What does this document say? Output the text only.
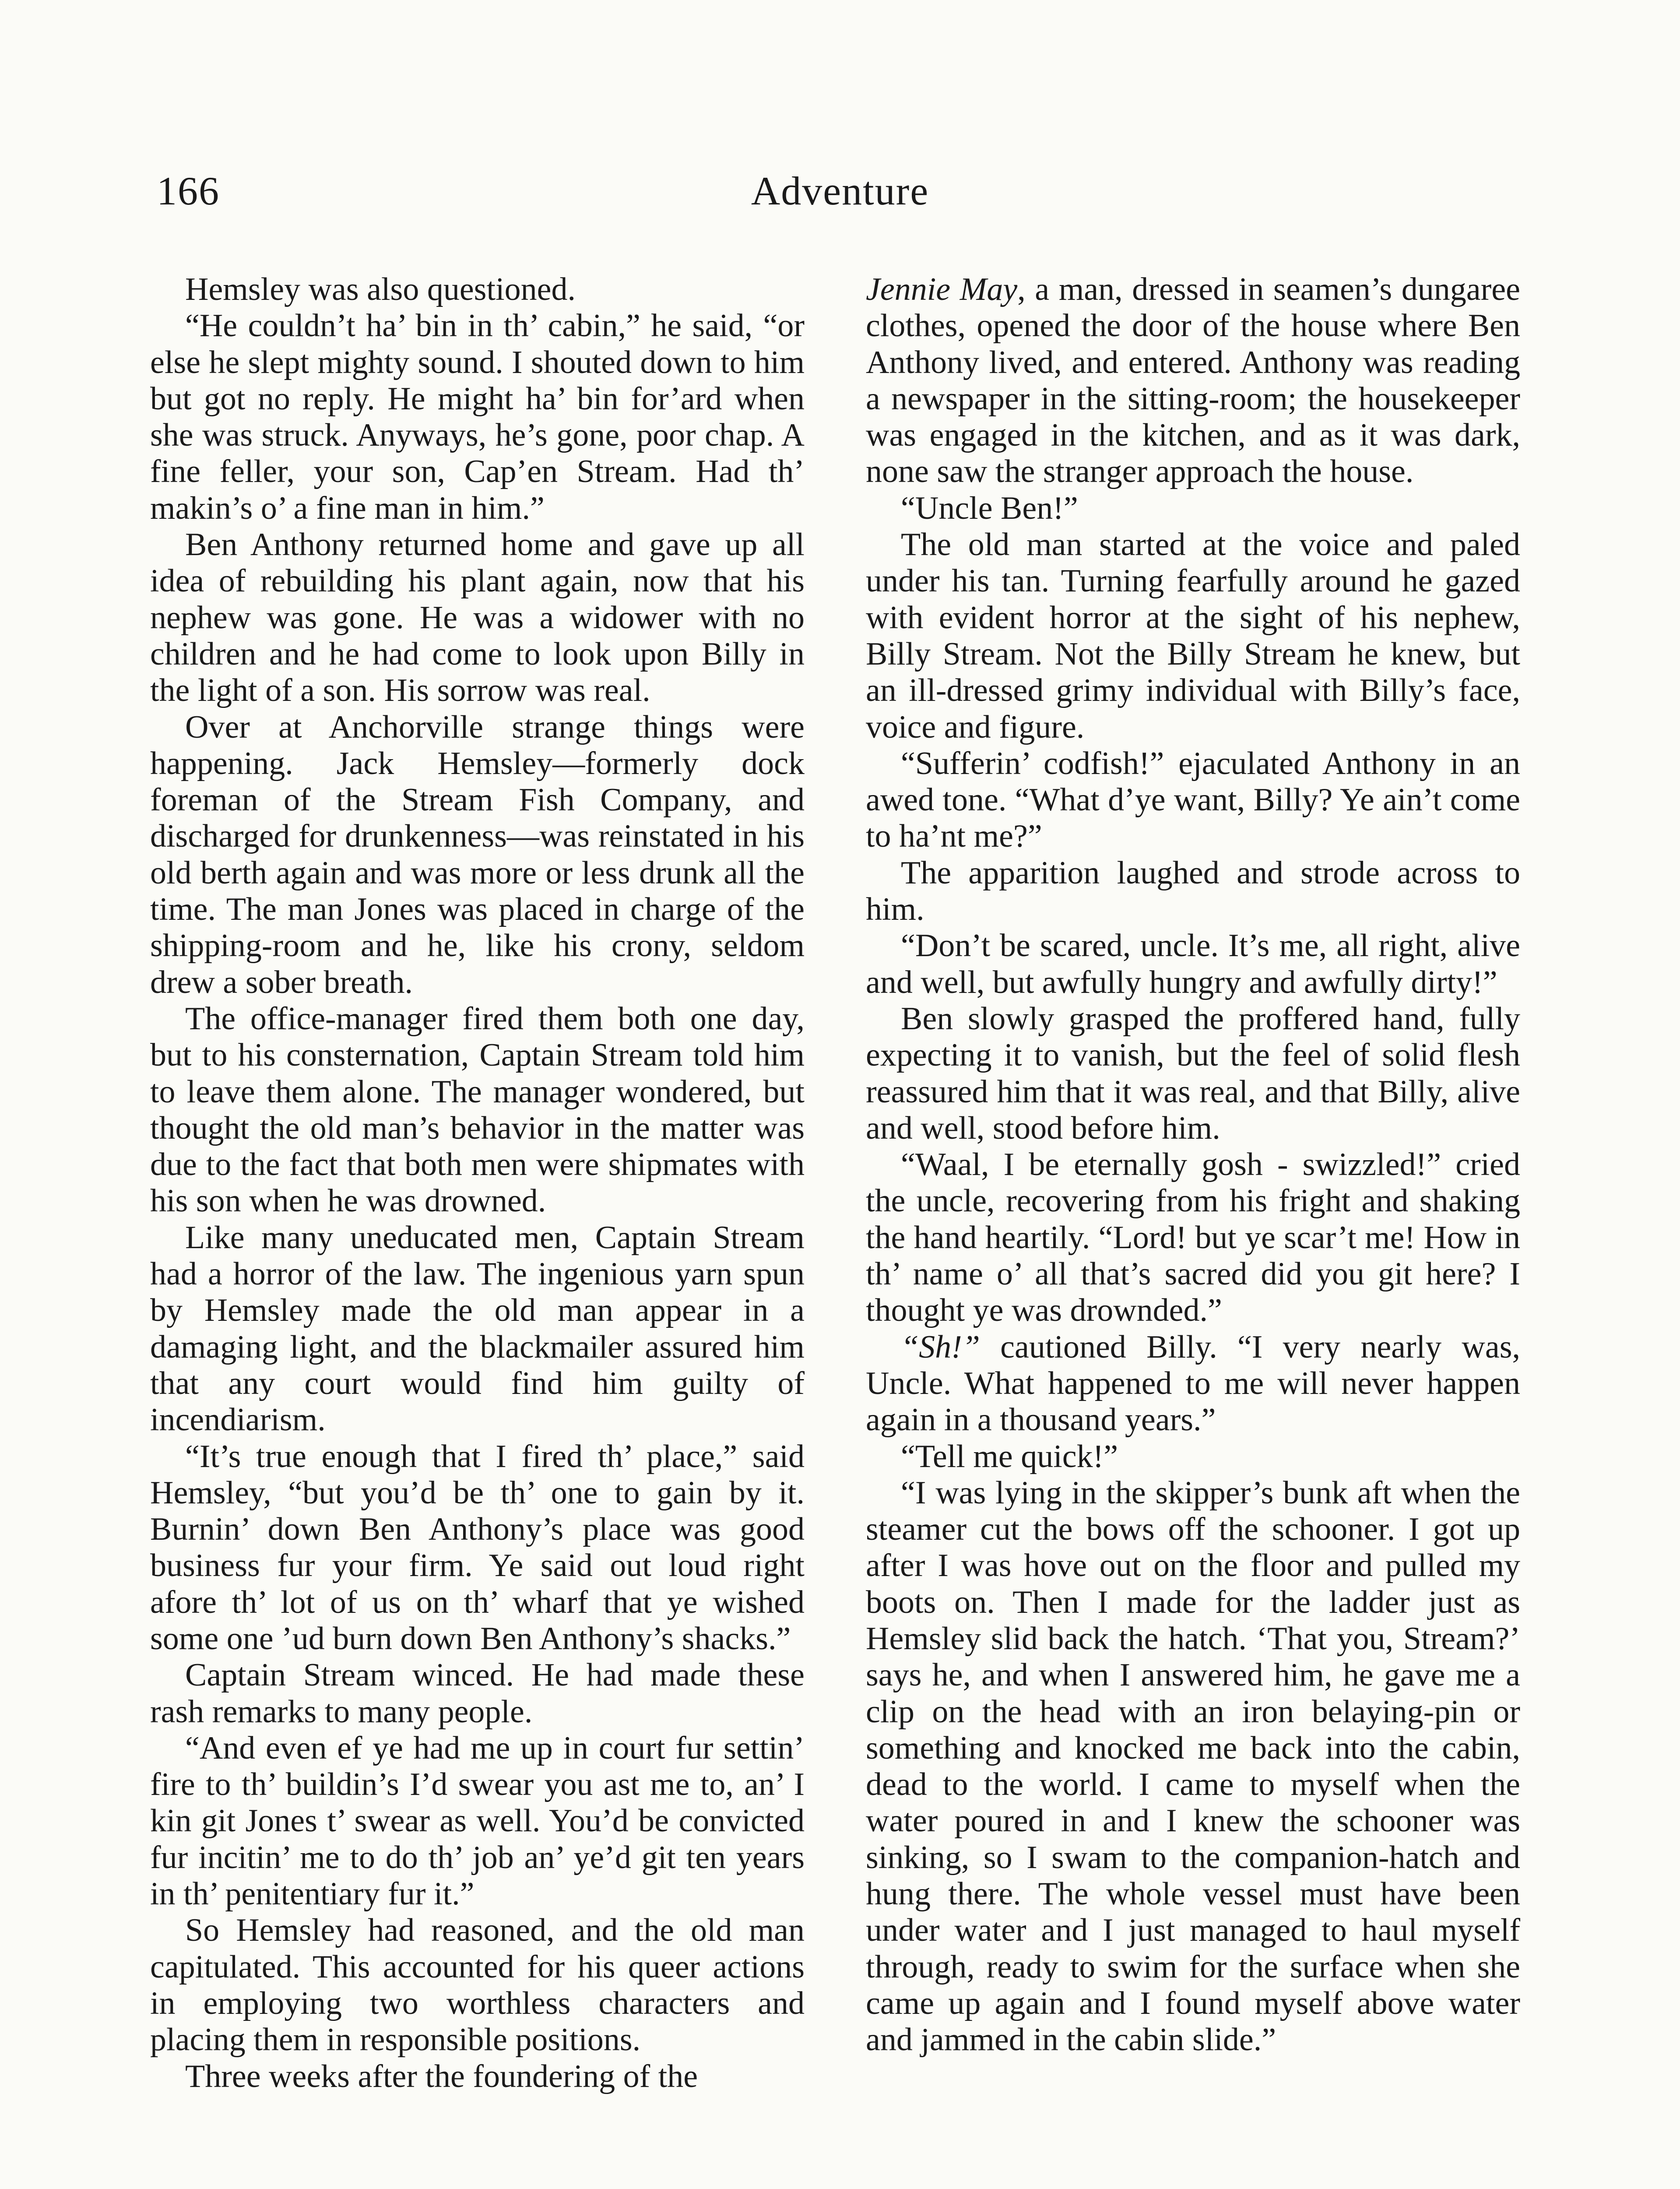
166	Adventure

Hemsley was also questioned.

“He couldn’t ha’ bin in th’ cabin,” he said, “or else he slept mighty sound. I shouted down to him but got no reply. He might ha’ bin for’ard when she was struck. Anyways, he’s gone, poor chap. A fine feller, your son, Cap’en Stream. Had th’ makin’s o’ a fine man in him.”

Ben Anthony returned home and gave up all idea of rebuilding his plant again, now that his nephew was gone. He was a widower with no children and he had come to look upon Billy in the light of a son. His sorrow was real.

Over at Anchorville strange things were happening. Jack Hemsley—formerly dock foreman of the Stream Fish Company, and discharged for drunkenness—was reinstated in his old berth again and was more or less drunk all the time. The man Jones was placed in charge of the shipping-room and he, like his crony, seldom drew a sober breath.

The office-manager fired them both one day, but to his consternation, Captain Stream told him to leave them alone. The manager wondered, but thought the old man’s behavior in the matter was due to the fact that both men were shipmates with his son when he was drowned.

Like many uneducated men, Captain Stream had a horror of the law. The ingenious yarn spun by Hemsley made the old man appear in a damaging light, and the blackmailer assured him that any court would find him guilty of incendiarism.

“It’s true enough that I fired th’ place,” said Hemsley, “but you’d be th’ one to gain by it. Burnin’ down Ben Anthony’s place was good business fur your firm. Ye said out loud right afore th’ lot of us on th’ wharf that ye wished some one ’ud burn down Ben Anthony’s shacks.”

Captain Stream winced. He had made these rash remarks to many people.

“And even ef ye had me up in court fur settin’ fire to th’ buildin’s I’d swear you ast me to, an’ I kin git Jones t’ swear as well. You’d be convicted fur incitin’ me to do th’ job an’ ye’d git ten years in th’ penitentiary fur it.”

So Hemsley had reasoned, and the old man capitulated. This accounted for his queer actions in employing two worthless characters and placing them in responsible positions.

Three weeks after the foundering of the

Jennie May, a man, dressed in seamen’s dungaree clothes, opened the door of the house where Ben Anthony lived, and entered. Anthony was reading a newspaper in the sitting-room; the housekeeper was engaged in the kitchen, and as it was dark, none saw the stranger approach the house.

“Uncle Ben!”

The old man started at the voice and paled under his tan. Turning fearfully around he gazed with evident horror at the sight of his nephew, Billy Stream. Not the Billy Stream he knew, but an ill-dressed grimy individual with Billy’s face, voice and figure.

“Sufferin’ codfish!” ejaculated Anthony in an awed tone. “What d’ye want, Billy? Ye ain’t come to ha’nt me?”

The apparition laughed and strode across to him.

“Don’t be scared, uncle. It’s me, all right, alive and well, but awfully hungry and awfully dirty!”

Ben slowly grasped the proffered hand, fully expecting it to vanish, but the feel of solid flesh reassured him that it was real, and that Billy, alive and well, stood before him.

“Waal, I be eternally gosh - swizzled!” cried the uncle, recovering from his fright and shaking the hand heartily. “Lord! but ye scar’t me! How in th’ name o’ all that’s sacred did you git here? I thought ye was drownded.”

“Sh!” cautioned Billy. “I very nearly was, Uncle. What happened to me will never happen again in a thousand years.”

“Tell me quick!”

“I was lying in the skipper’s bunk aft when the steamer cut the bows off the schooner. I got up after I was hove out on the floor and pulled my boots on. Then I made for the ladder just as Hemsley slid back the hatch. ‘That you, Stream?’ says he, and when I answered him, he gave me a clip on the head with an iron belaying-pin or something and knocked me back into the cabin, dead to the world. I came to myself when the water poured in and I knew the schooner was sinking, so I swam to the companion-hatch and hung there. The whole vessel must have been under water and I just managed to haul myself through, ready to swim for the surface when she came up again and I found myself above water and jammed in the cabin slide.”
